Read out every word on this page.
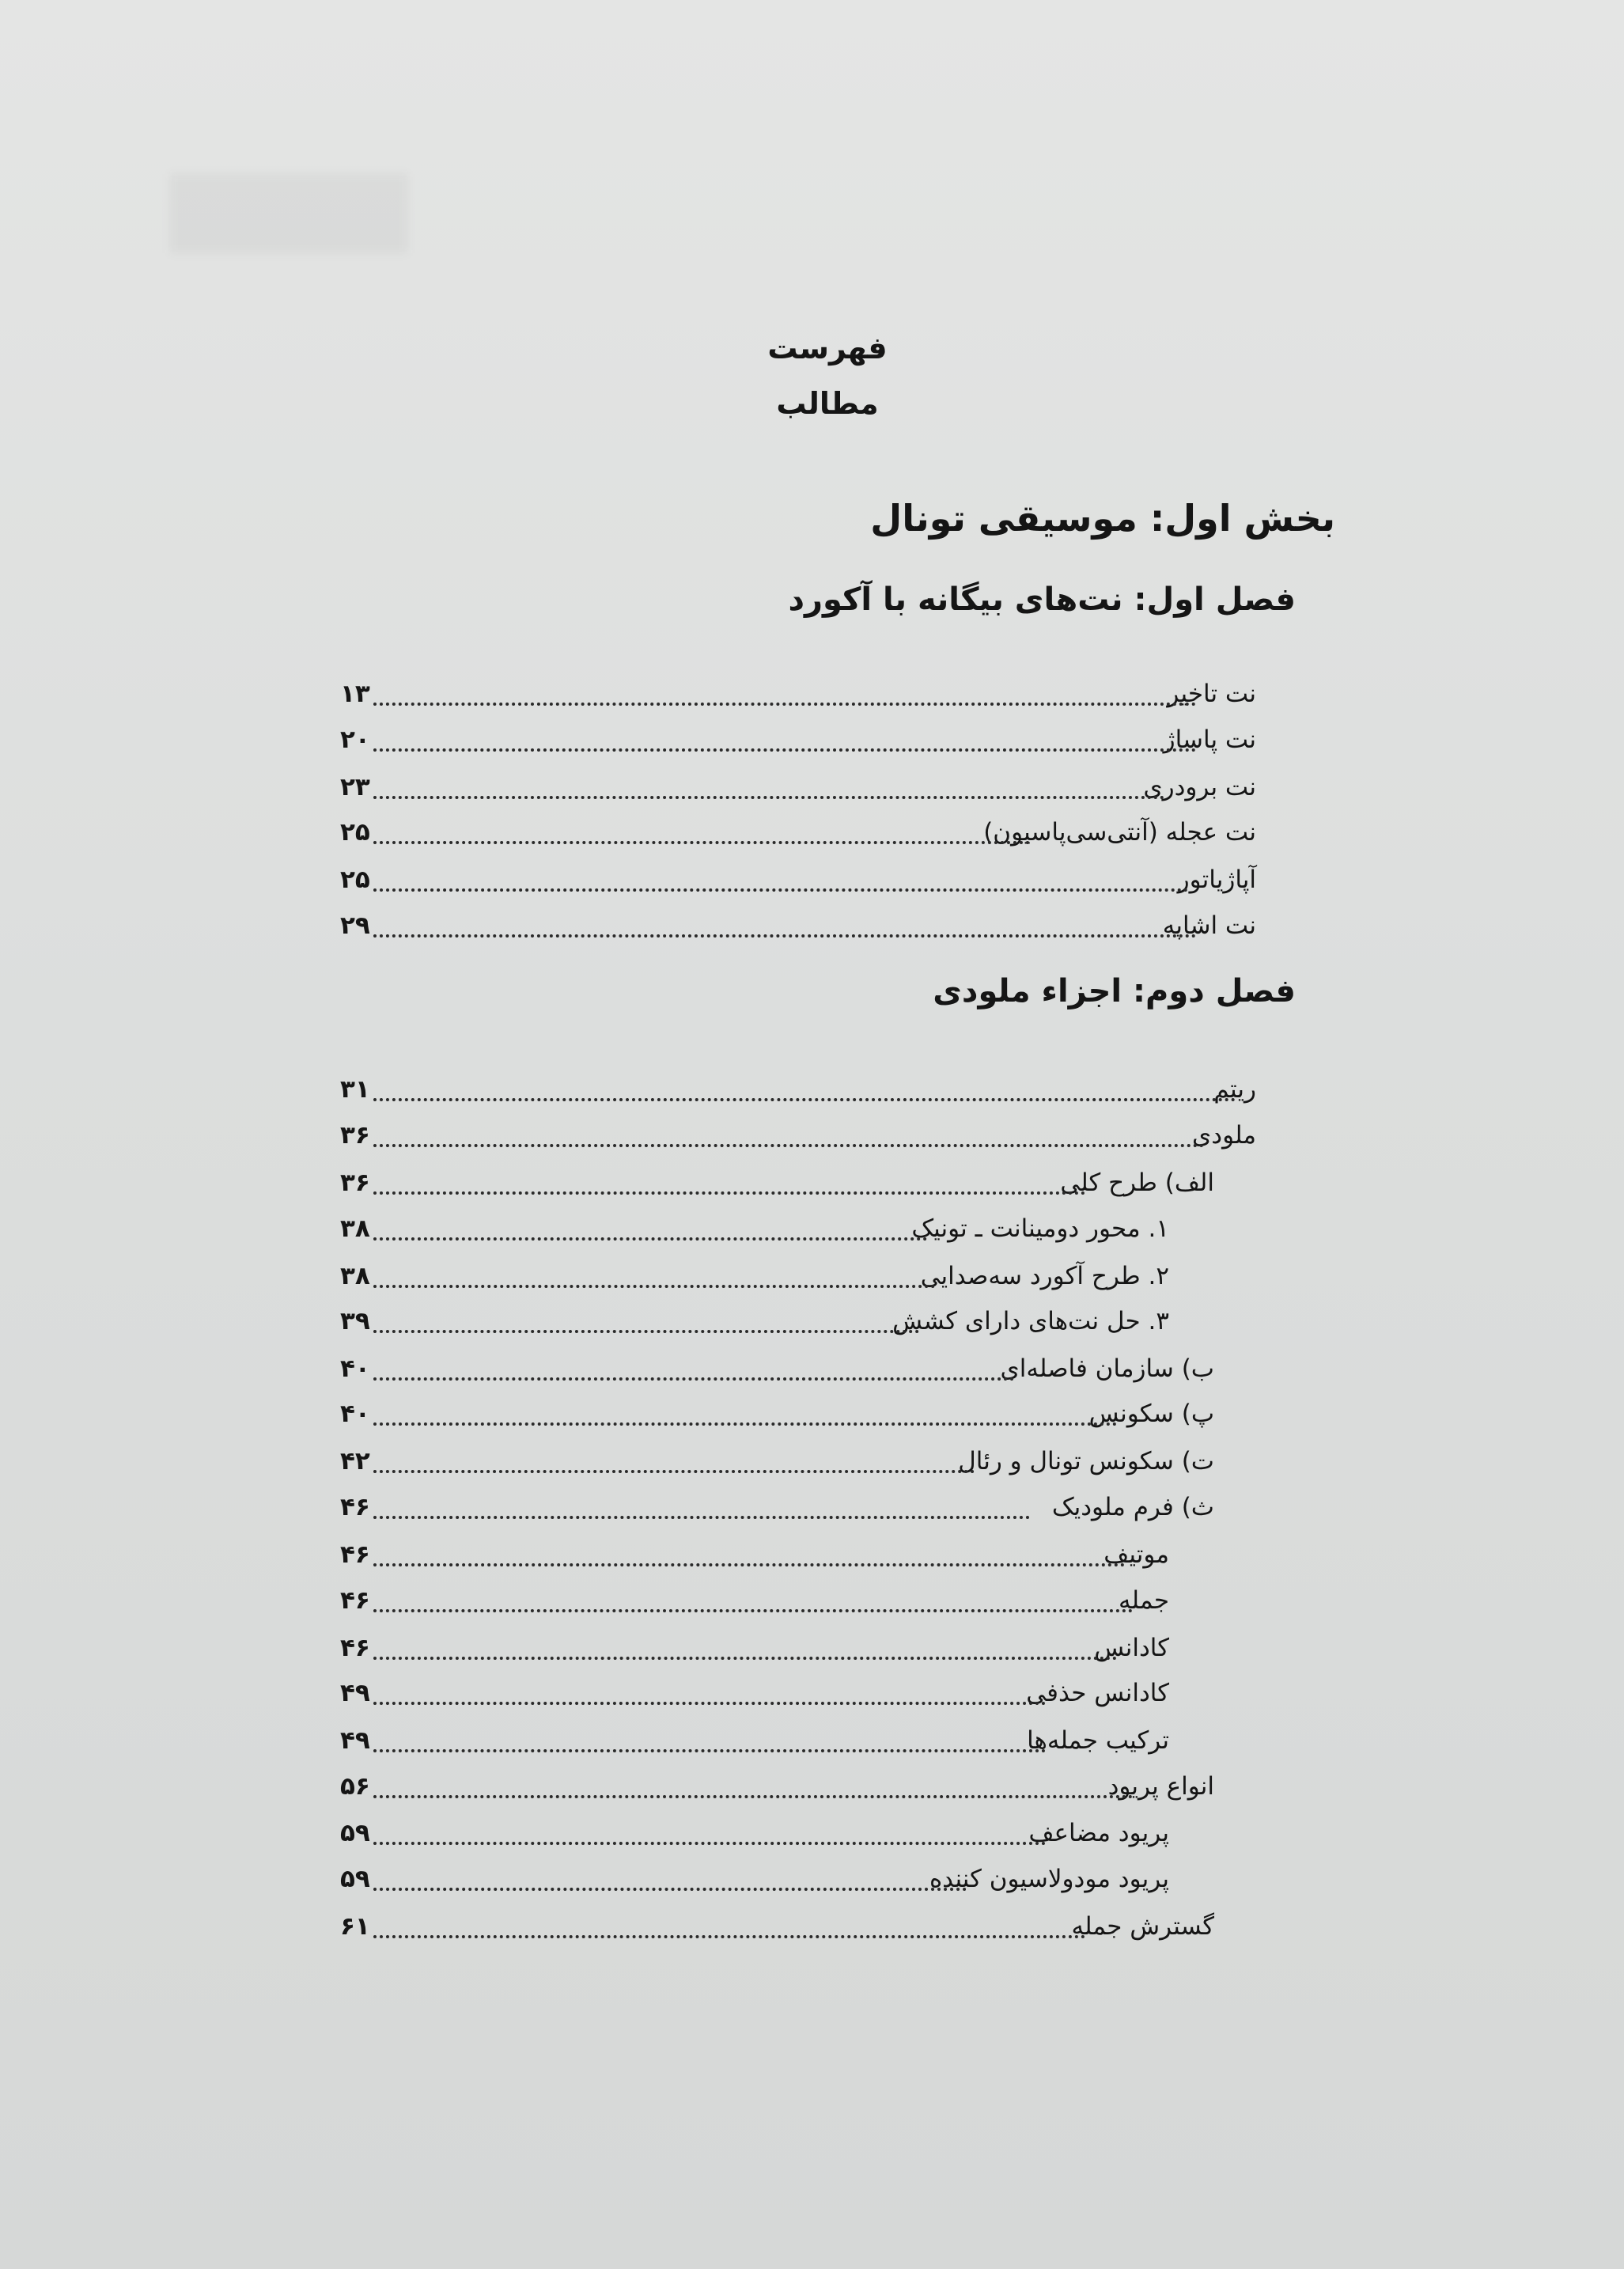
فهرست مطالب
بخش اول: موسیقی تونال
فصل اول: نت‌های بیگانه با آکورد
نت تاخیر
۱۳
نت پاساژ
۲۰
نت برودری
۲۳
نت عجله (آنتی‌سی‌پاسیون)
۲۵
آپاژیاتور
۲۵
نت اشاپه
۲۹
فصل دوم: اجزاء ملودی
ریتم
۳۱
ملودی
۳۶
الف) طرح کلی
۳۶
۱. محور دومینانت ـ تونیک
۳۸
۲. طرح آکورد سه‌صدایی
۳۸
۳. حل نت‌های دارای کشش
۳۹
ب) سازمان فاصله‌ای
۴۰
پ) سکونس
۴۰
ت) سکونس تونال و رئال
۴۲
ث) فرم ملودیک
۴۶
موتیف
۴۶
جمله
۴۶
کادانس
۴۶
کادانس حذفی
۴۹
ترکیب جمله‌ها
۴۹
انواع پریود
۵۶
پریود مضاعف
۵۹
پریود مودولاسیون کننده
۵۹
گسترش جمله
۶۱
